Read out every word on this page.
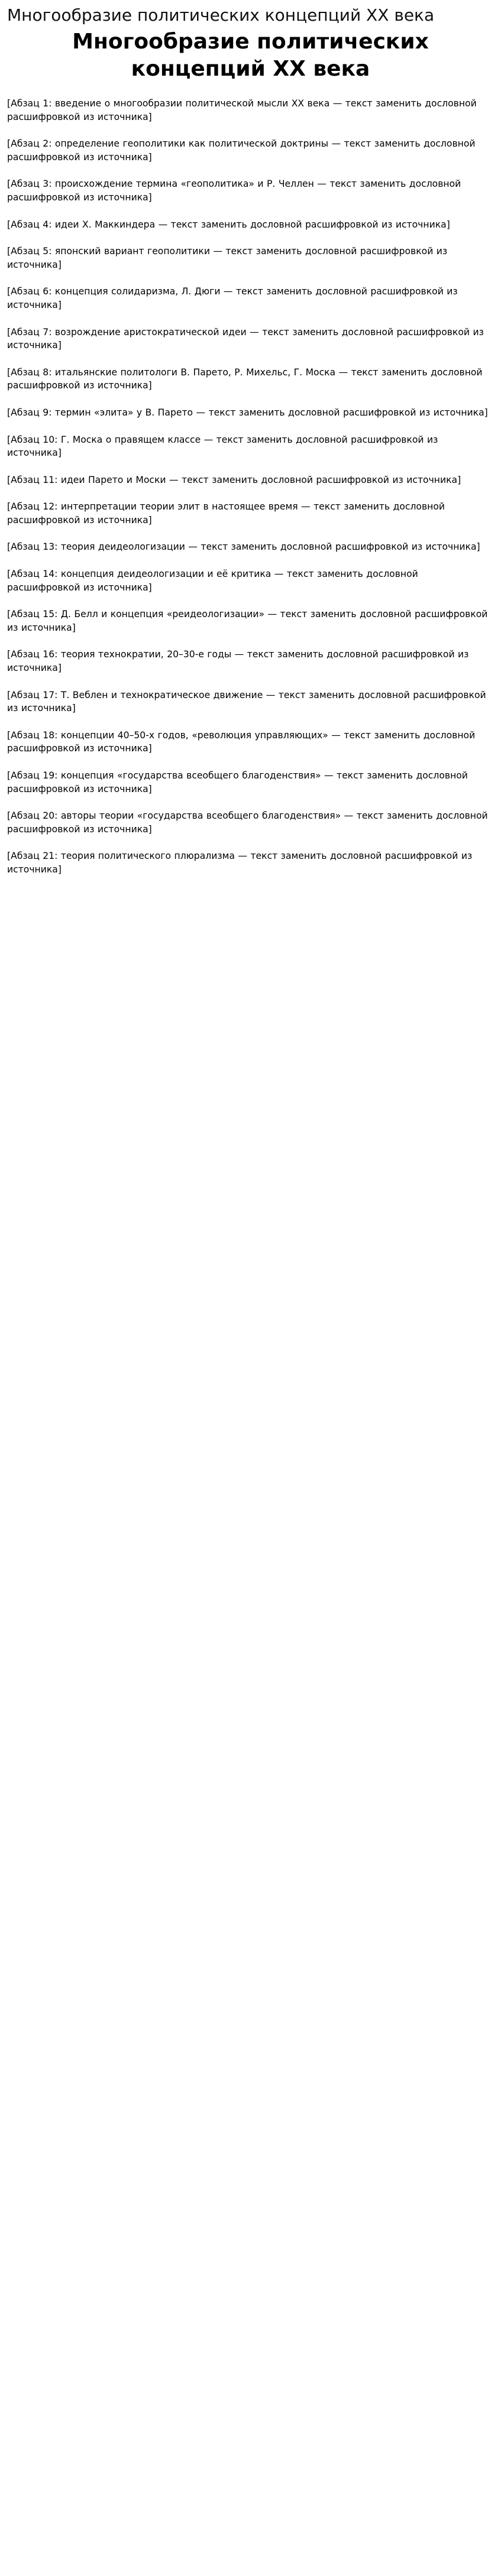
Многообразие политических концепций XX века
Многообразие политических концепций XX века

[Абзац 1: введение о многообразии политической мысли XX века — текст заменить дословной расшифровкой из источника]

[Абзац 2: определение геополитики как политической доктрины — текст заменить дословной расшифровкой из источника]

[Абзац 3: происхождение термина «геополитика» и Р. Челлен — текст заменить дословной расшифровкой из источника]

[Абзац 4: идеи Х. Маккиндера — текст заменить дословной расшифровкой из источника]

[Абзац 5: японский вариант геополитики — текст заменить дословной расшифровкой из источника]

[Абзац 6: концепция солидаризма, Л. Дюги — текст заменить дословной расшифровкой из источника]

[Абзац 7: возрождение аристократической идеи — текст заменить дословной расшифровкой из источника]

[Абзац 8: итальянские политологи В. Парето, Р. Михельс, Г. Моска — текст заменить дословной расшифровкой из источника]

[Абзац 9: термин «элита» у В. Парето — текст заменить дословной расшифровкой из источника]

[Абзац 10: Г. Моска о правящем классе — текст заменить дословной расшифровкой из источника]

[Абзац 11: идеи Парето и Моски — текст заменить дословной расшифровкой из источника]

[Абзац 12: интерпретации теории элит в настоящее время — текст заменить дословной расшифровкой из источника]

[Абзац 13: теория деидеологизации — текст заменить дословной расшифровкой из источника]

[Абзац 14: концепция деидеологизации и её критика — текст заменить дословной расшифровкой из источника]

[Абзац 15: Д. Белл и концепция «реидеологизации» — текст заменить дословной расшифровкой из источника]

[Абзац 16: теория технократии, 20–30-е годы — текст заменить дословной расшифровкой из источника]

[Абзац 17: Т. Веблен и технократическое движение — текст заменить дословной расшифровкой из источника]

[Абзац 18: концепции 40–50-х годов, «революция управляющих» — текст заменить дословной расшифровкой из источника]

[Абзац 19: концепция «государства всеобщего благоденствия» — текст заменить дословной расшифровкой из источника]

[Абзац 20: авторы теории «государства всеобщего благоденствия» — текст заменить дословной расшифровкой из источника]

[Абзац 21: теория политического плюрализма — текст заменить дословной расшифровкой из источника]
